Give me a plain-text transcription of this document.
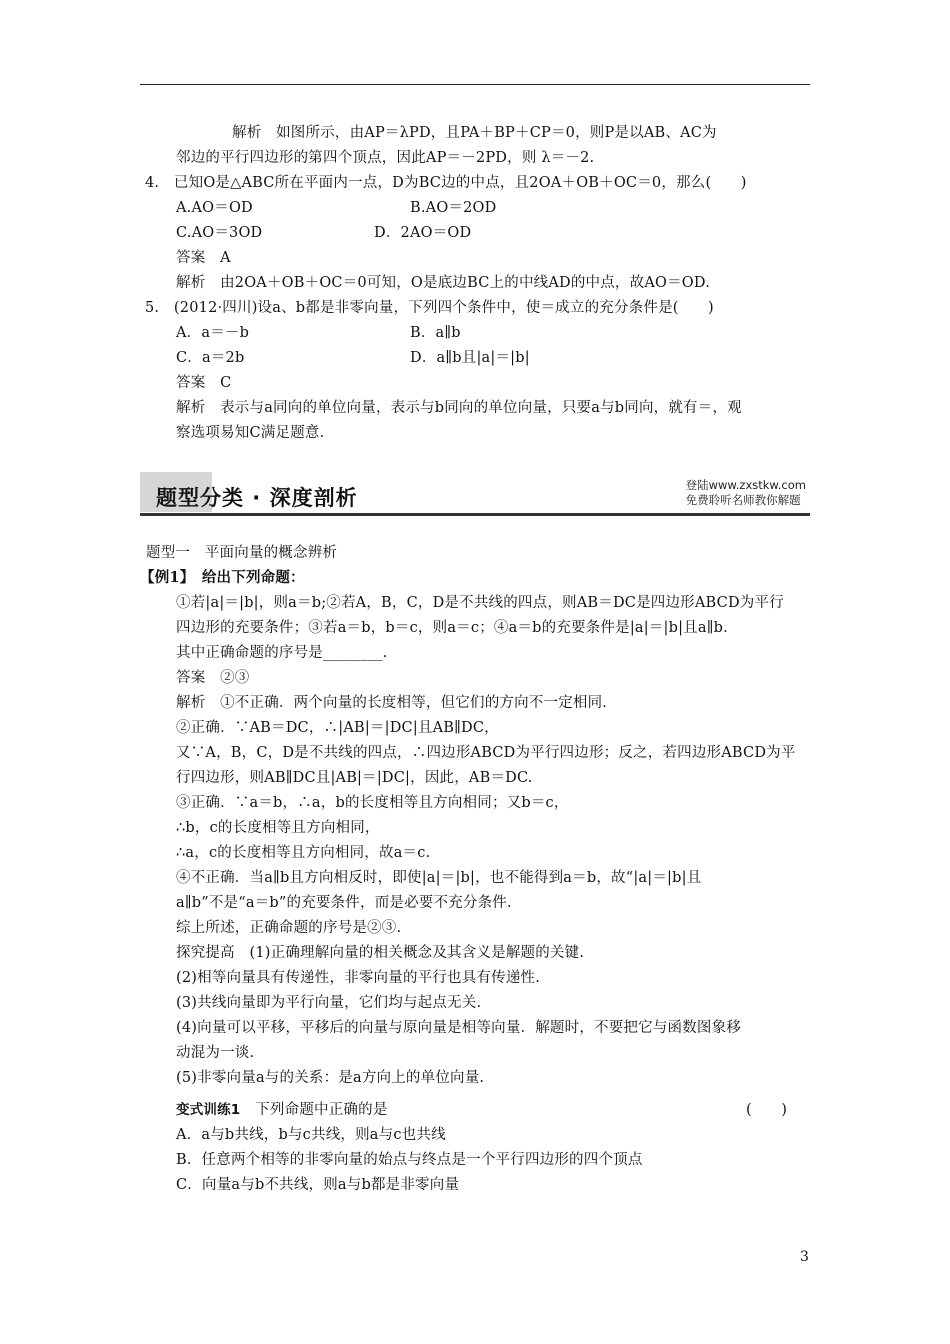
解析　如图所示，由AP＝λPD，且PA＋BP＋CP＝0，则P是以AB、AC为
邻边的平行四边形的第四个顶点，因此AP＝－2PD，则 λ＝－2.
4.　已知O是△ABC所在平面内一点，D为BC边的中点，且2OA＋OB＋OC＝0，那么(　　)
A.AO＝OD	B.AO＝2OD
C.AO＝3OD	D．2AO＝OD
答案　A
解析　由2OA＋OB＋OC＝0可知，O是底边BC上的中线AD的中点，故AO＝OD.
5.　(2012·四川)设a、b都是非零向量，下列四个条件中，使＝成立的充分条件是(　　)
A．a＝－b	B．a∥b
C．a＝2b	D．a∥b且|a|＝|b|
答案　C
解析　表示与a同向的单位向量，表示与b同向的单位向量，只要a与b同向，就有＝，观
察选项易知C满足题意.
题型分类 · 深度剖析
登陆www.zxstkw.com
免费聆听名师教你解题
题型一　平面向量的概念辨析
【例1】　给出下列命题：
①若|a|＝|b|，则a＝b;②若A，B，C，D是不共线的四点，则AB＝DC是四边形ABCD为平行
四边形的充要条件；③若a＝b，b＝c，则a＝c；④a＝b的充要条件是|a|＝|b|且a∥b.
其中正确命题的序号是________.
答案　②③
解析　①不正确．两个向量的长度相等，但它们的方向不一定相同.
②正确．∵AB＝DC，∴|AB|＝|DC|且AB∥DC，
又∵A，B，C，D是不共线的四点，∴四边形ABCD为平行四边形；反之，若四边形ABCD为平
行四边形，则AB∥DC且|AB|＝|DC|，因此，AB＝DC.
③正确．∵a＝b，∴a，b的长度相等且方向相同；又b＝c，
∴b，c的长度相等且方向相同，
∴a，c的长度相等且方向相同，故a＝c.
④不正确．当a∥b且方向相反时，即使|a|＝|b|，也不能得到a＝b，故“|a|＝|b|且
a∥b”不是“a＝b”的充要条件，而是必要不充分条件.
综上所述，正确命题的序号是②③.
探究提高　(1)正确理解向量的相关概念及其含义是解题的关键.
(2)相等向量具有传递性，非零向量的平行也具有传递性.
(3)共线向量即为平行向量，它们均与起点无关.
(4)向量可以平移，平移后的向量与原向量是相等向量．解题时，不要把它与函数图象移
动混为一谈.
(5)非零向量a与的关系：是a方向上的单位向量.
变式训练1 下列命题中正确的是	(　　)
A．a与b共线，b与c共线，则a与c也共线
B．任意两个相等的非零向量的始点与终点是一个平行四边形的四个顶点
C．向量a与b不共线，则a与b都是非零向量
3
